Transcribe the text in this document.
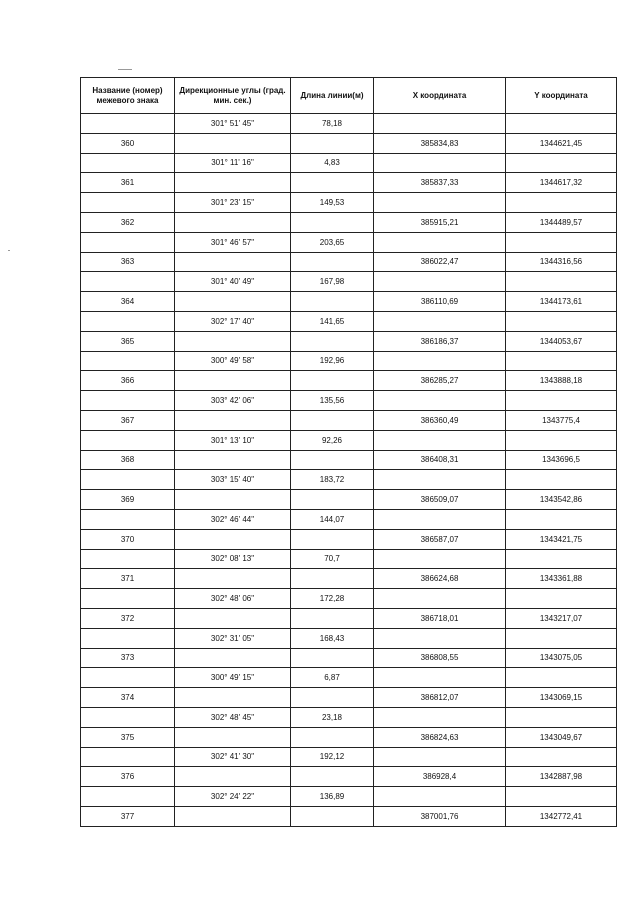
Название (номер) межевого знака	Дирекционные углы (град. мин. сек.)	Длина линии(м)	X координата	Y координата
	301° 51' 45"	78,18		
360			385834,83	1344621,45
	301° 11' 16"	4,83		
361			385837,33	1344617,32
	301° 23' 15"	149,53		
362			385915,21	1344489,57
	301° 46' 57"	203,65		
363			386022,47	1344316,56
	301° 40' 49"	167,98		
364			386110,69	1344173,61
	302° 17' 40"	141,65		
365			386186,37	1344053,67
	300° 49' 58"	192,96		
366			386285,27	1343888,18
	303° 42' 06"	135,56		
367			386360,49	1343775,4
	301° 13' 10"	92,26		
368			386408,31	1343696,5
	303° 15' 40"	183,72		
369			386509,07	1343542,86
	302° 46' 44"	144,07		
370			386587,07	1343421,75
	302° 08' 13"	70,7		
371			386624,68	1343361,88
	302° 48' 06"	172,28		
372			386718,01	1343217,07
	302° 31' 05"	168,43		
373			386808,55	1343075,05
	300° 49' 15"	6,87		
374			386812,07	1343069,15
	302° 48' 45"	23,18		
375			386824,63	1343049,67
	302° 41' 30"	192,12		
376			386928,4	1342887,98
	302° 24' 22"	136,89		
377			387001,76	1342772,41
